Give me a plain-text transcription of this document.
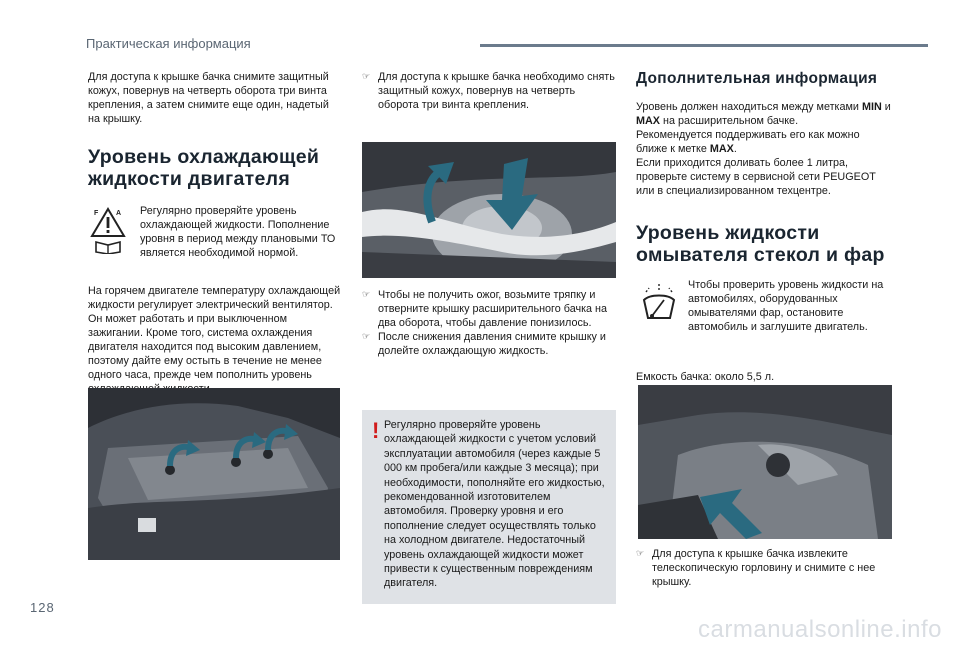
Практическая информация
Для доступа к крышке бачка снимите защитный кожух, повернув на четверть оборота три винта крепления, а затем снимите еще один, надетый на крышку.
Уровень охлаждающей жидкости двигателя
F	A Регулярно проверяйте уровень охлаждающей жидкости. Пополнение уровня в период между плановыми ТО является необходимой нормой.
На горячем двигателе температуру охлаждающей жидкости регулирует электрический вентилятор. Он может работать и при выключенном зажигании. Кроме того, система охлаждения двигателя находится под высоким давлением, поэтому дайте ему остыть в течение не менее одного часа, прежде чем пополнить уровень
☞ Для доступа к крышке бачка необходимо снять защитный кожух, повернув на четверть оборота три винта крепления.
☞ Чтобы не получить ожог, возьмите тряпку и отверните крышку расширительного бачка на два оборота, чтобы давление понизилось.
☞ После снижения давления снимите крышку и долейте охлаждающую жидкость.
! Регулярно проверяйте уровень охлаждающей жидкости с учетом условий эксплуатации автомобиля (через каждые 5 000 км пробега/или каждые 3 месяца); при необходимости, пополняйте его жидкостью, рекомендованной изготовителем автомобиля. Проверку уровня и его пополнение следует осуществлять только на холодном двигателе. Недостаточный уровень охлаждающей жидкости может привести к существенным повреждениям двигателя.
Дополнительная информация
Уровень должен находиться между метками MIN и MAX на расширительном бачке.
Рекомендуется поддерживать его как можно ближе к метке MAX.
Если приходится доливать более 1 литра, проверьте систему в сервисной сети PEUGEOT или в специализированном техцентре.
Уровень жидкости омывателя стекол и фар
Чтобы проверить уровень жидкости на автомобилях, оборудованных омывателями фар, остановите автомобиль и заглушите двигатель.
Емкость бачка: около 5,5 л.
☞ Для доступа к крышке бачка извлеките телескопическую горловину и снимите с нее крышку.
128
carmanualsonline.info
